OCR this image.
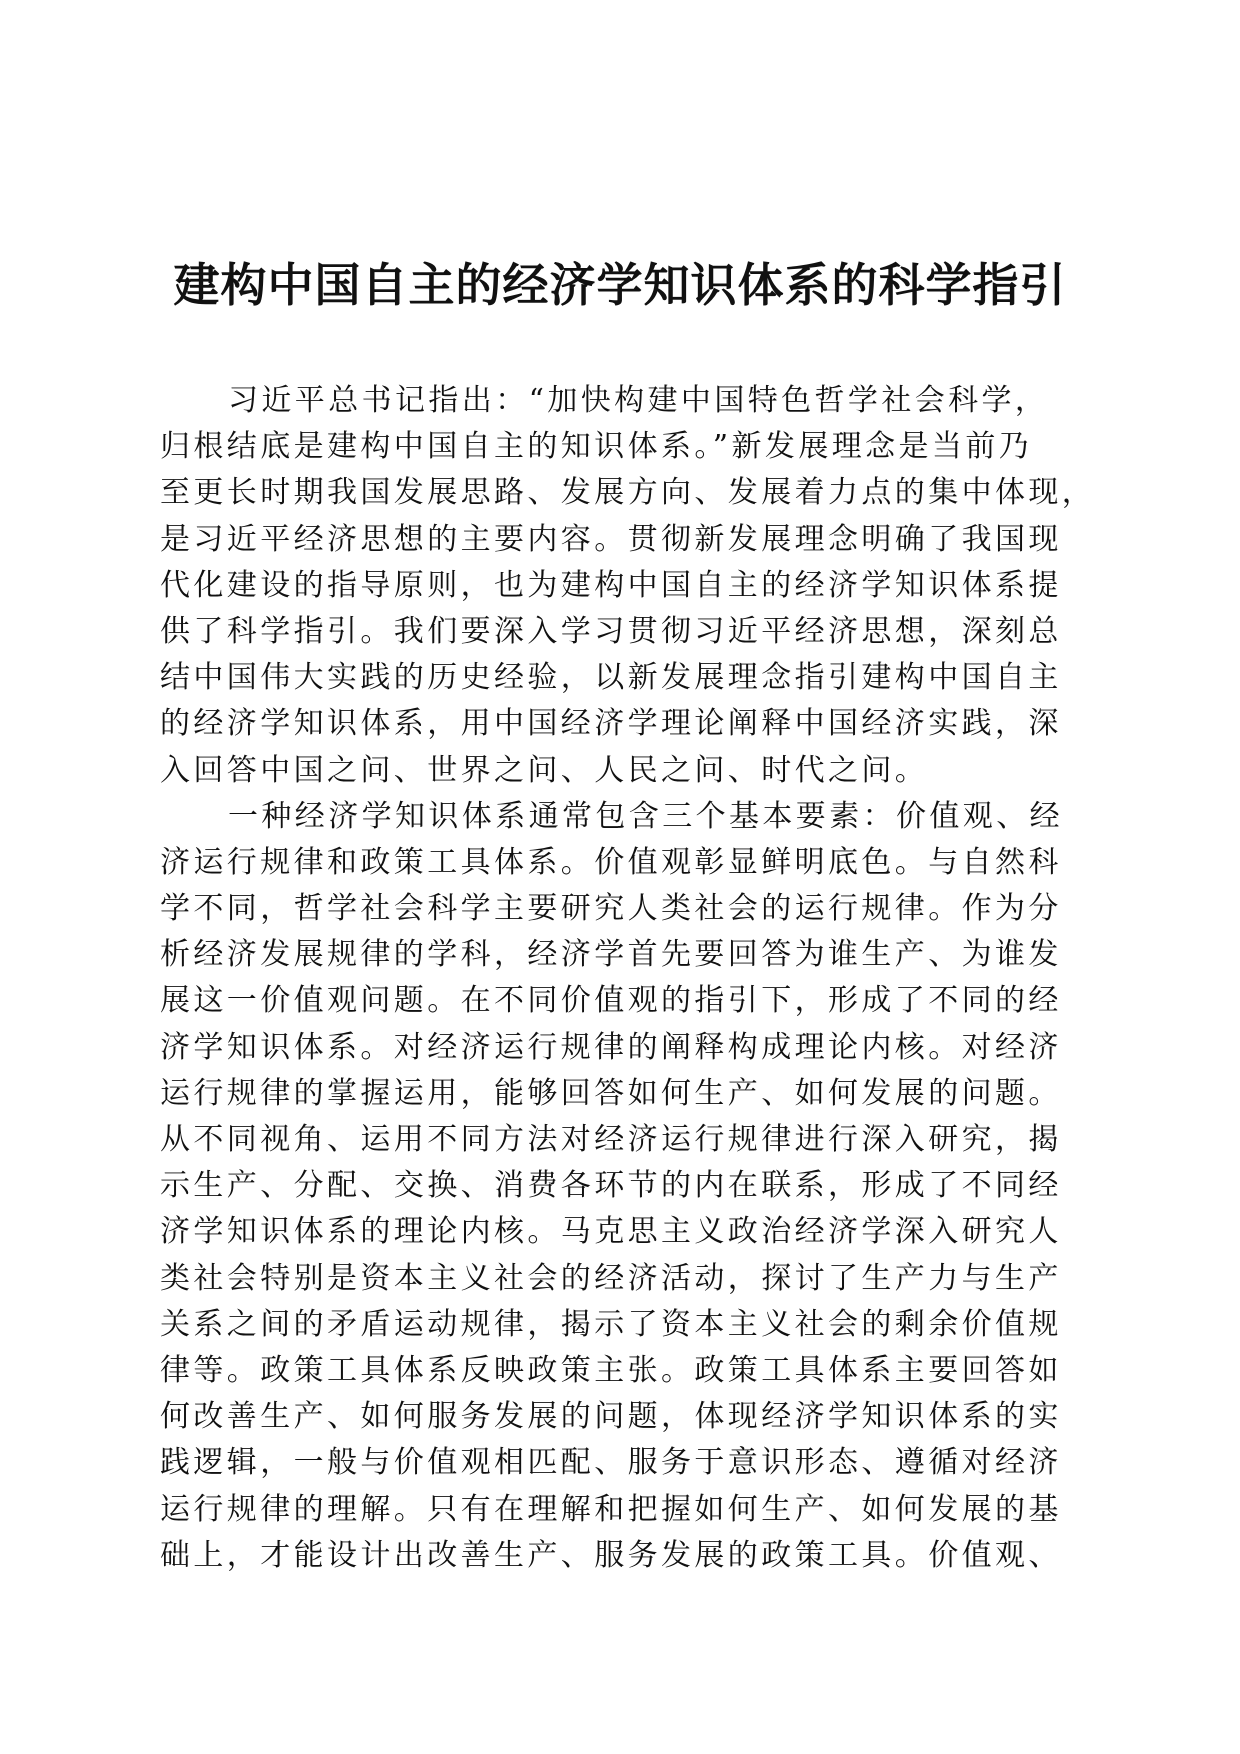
建构中国自主的经济学知识体系的科学指引
习近平总书记指出：“加快构建中国特色哲学社会科学，
归根结底是建构中国自主的知识体系。”新发展理念是当前乃
至更长时期我国发展思路、发展方向、发展着力点的集中体现，
是习近平经济思想的主要内容。贯彻新发展理念明确了我国现
代化建设的指导原则，也为建构中国自主的经济学知识体系提
供了科学指引。我们要深入学习贯彻习近平经济思想，深刻总
结中国伟大实践的历史经验，以新发展理念指引建构中国自主
的经济学知识体系，用中国经济学理论阐释中国经济实践，深
入回答中国之问、世界之问、人民之问、时代之问。
一种经济学知识体系通常包含三个基本要素：价值观、经
济运行规律和政策工具体系。价值观彰显鲜明底色。与自然科
学不同，哲学社会科学主要研究人类社会的运行规律。作为分
析经济发展规律的学科，经济学首先要回答为谁生产、为谁发
展这一价值观问题。在不同价值观的指引下，形成了不同的经
济学知识体系。对经济运行规律的阐释构成理论内核。对经济
运行规律的掌握运用，能够回答如何生产、如何发展的问题。
从不同视角、运用不同方法对经济运行规律进行深入研究，揭
示生产、分配、交换、消费各环节的内在联系，形成了不同经
济学知识体系的理论内核。马克思主义政治经济学深入研究人
类社会特别是资本主义社会的经济活动，探讨了生产力与生产
关系之间的矛盾运动规律，揭示了资本主义社会的剩余价值规
律等。政策工具体系反映政策主张。政策工具体系主要回答如
何改善生产、如何服务发展的问题，体现经济学知识体系的实
践逻辑，一般与价值观相匹配、服务于意识形态、遵循对经济
运行规律的理解。只有在理解和把握如何生产、如何发展的基
础上，才能设计出改善生产、服务发展的政策工具。价值观、
